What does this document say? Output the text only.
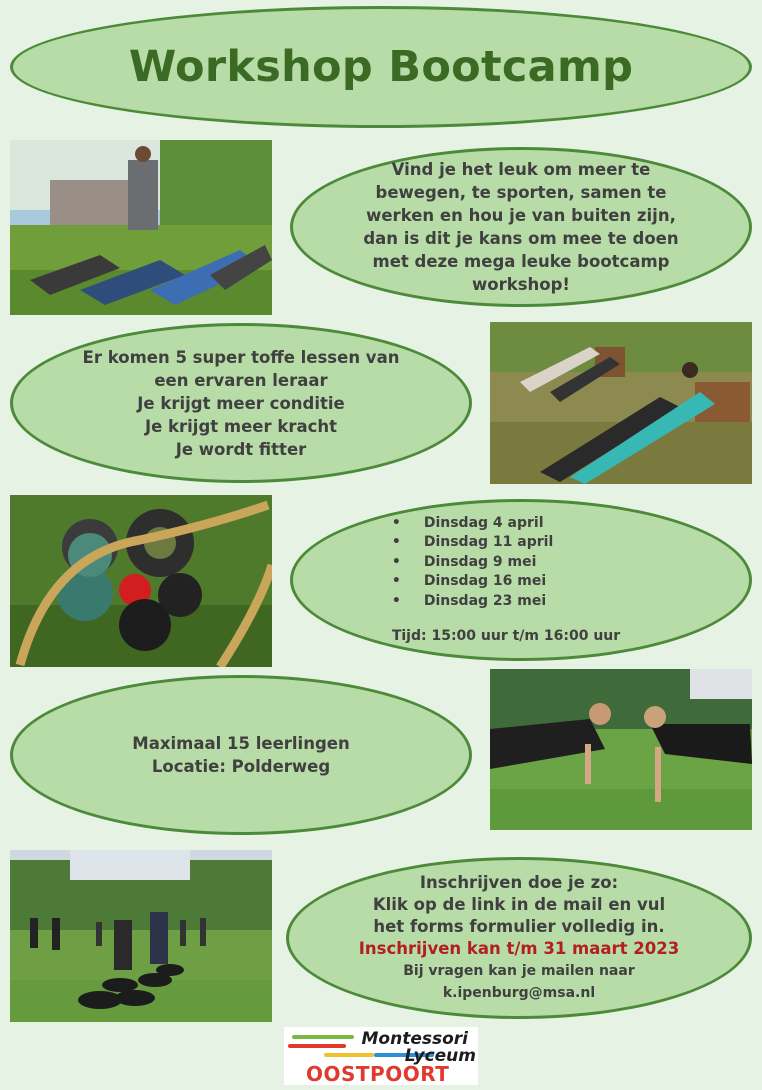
Workshop Bootcamp
Vind je het leuk om meer te
bewegen, te sporten, samen te
werken en hou je van buiten zijn,
dan is dit je kans om mee te doen
met deze mega leuke bootcamp
workshop!
Er komen 5 super toffe lessen van
een ervaren leraar
Je krijgt meer conditie
Je krijgt meer kracht
Je wordt fitter
• Dinsdag 4 april
• Dinsdag 11 april
• Dinsdag 9 mei
• Dinsdag 16 mei
• Dinsdag 23 mei
Tijd: 15:00 uur t/m 16:00 uur
Maximaal 15 leerlingen
Locatie: Polderweg
Inschrijven doe je zo:
Klik op de link in de mail en vul
het forms formulier volledig in.
Inschrijven kan t/m 31 maart 2023
Bij vragen kan je mailen naar
k.ipenburg@msa.nl
Montessori
Lyceum
OOSTPOORT
